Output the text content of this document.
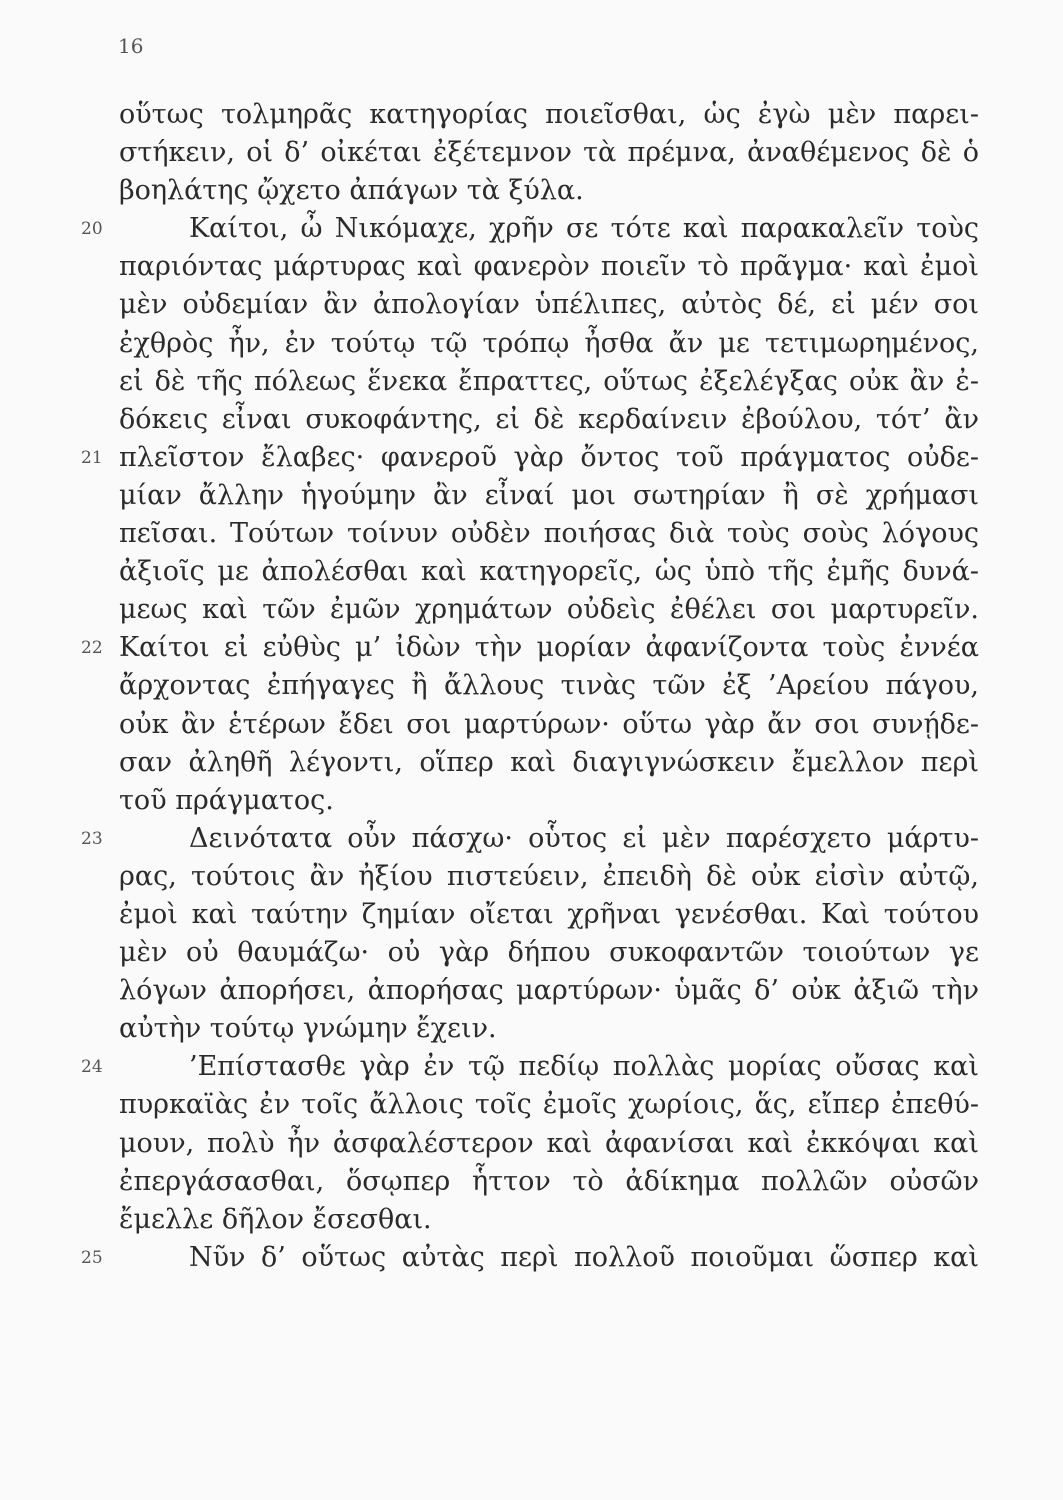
16
οὕτως τολμηρᾶς κατηγορίας ποιεῖσθαι, ὡς ἐγὼ μὲν παρει-
στήκειν, οἱ δ’ οἰκέται ἐξέτεμνον τὰ πρέμνα, ἀναθέμενος δὲ ὁ
βοηλάτης ᾤχετο ἀπάγων τὰ ξύλα.
20	Καίτοι, ὦ Νικόμαχε, χρῆν σε τότε καὶ παρακαλεῖν τοὺς
παριόντας μάρτυρας καὶ φανερὸν ποιεῖν τὸ πρᾶγμα· καὶ ἐμοὶ
μὲν οὐδεμίαν ἂν ἀπολογίαν ὑπέλιπες, αὐτὸς δέ, εἰ μέν σοι
ἐχθρὸς ἦν, ἐν τούτῳ τῷ τρόπῳ ἦσθα ἄν με τετιμωρημένος,
εἰ δὲ τῆς πόλεως ἕνεκα ἔπραττες, οὕτως ἐξελέγξας οὐκ ἂν ἐ-
δόκεις εἶναι συκοφάντης, εἰ δὲ κερδαίνειν ἐβούλου, τότ’ ἂν
21 πλεῖστον ἔλαβες· φανεροῦ γὰρ ὄντος τοῦ πράγματος οὐδε-
μίαν ἄλλην ἡγούμην ἂν εἶναί μοι σωτηρίαν ἢ σὲ χρήμασι
πεῖσαι. Τούτων τοίνυν οὐδὲν ποιήσας διὰ τοὺς σοὺς λόγους
ἀξιοῖς με ἀπολέσθαι καὶ κατηγορεῖς, ὡς ὑπὸ τῆς ἐμῆς δυνά-
μεως καὶ τῶν ἐμῶν χρημάτων οὐδεὶς ἐθέλει σοι μαρτυρεῖν.
22 Καίτοι εἰ εὐθὺς μ’ ἰδὼν τὴν μορίαν ἀφανίζοντα τοὺς ἐννέα
ἄρχοντας ἐπήγαγες ἢ ἄλλους τινὰς τῶν ἐξ ’Αρείου πάγου,
οὐκ ἂν ἑτέρων ἔδει σοι μαρτύρων· οὕτω γὰρ ἄν σοι συνῄδε-
σαν ἀληθῆ λέγοντι, οἵπερ καὶ διαγιγνώσκειν ἔμελλον περὶ
τοῦ πράγματος.
23	Δεινότατα οὖν πάσχω· οὗτος εἰ μὲν παρέσχετο μάρτυ-
ρας, τούτοις ἂν ἠξίου πιστεύειν, ἐπειδὴ δὲ οὐκ εἰσὶν αὐτῷ,
ἐμοὶ καὶ ταύτην ζημίαν οἴεται χρῆναι γενέσθαι. Καὶ τούτου
μὲν οὐ θαυμάζω· οὐ γὰρ δήπου συκοφαντῶν τοιούτων γε
λόγων ἀπορήσει, ἀπορήσας μαρτύρων· ὑμᾶς δ’ οὐκ ἀξιῶ τὴν
αὐτὴν τούτῳ γνώμην ἔχειν.
24	’Επίστασθε γὰρ ἐν τῷ πεδίῳ πολλὰς μορίας οὔσας καὶ
πυρκαϊὰς ἐν τοῖς ἄλλοις τοῖς ἐμοῖς χωρίοις, ἅς, εἴπερ ἐπεθύ-
μουν, πολὺ ἦν ἀσφαλέστερον καὶ ἀφανίσαι καὶ ἐκκόψαι καὶ
ἐπεργάσασθαι, ὅσῳπερ ἧττον τὸ ἀδίκημα πολλῶν οὐσῶν
ἔμελλε δῆλον ἔσεσθαι.
25	Νῦν δ’ οὕτως αὐτὰς περὶ πολλοῦ ποιοῦμαι ὥσπερ καὶ
